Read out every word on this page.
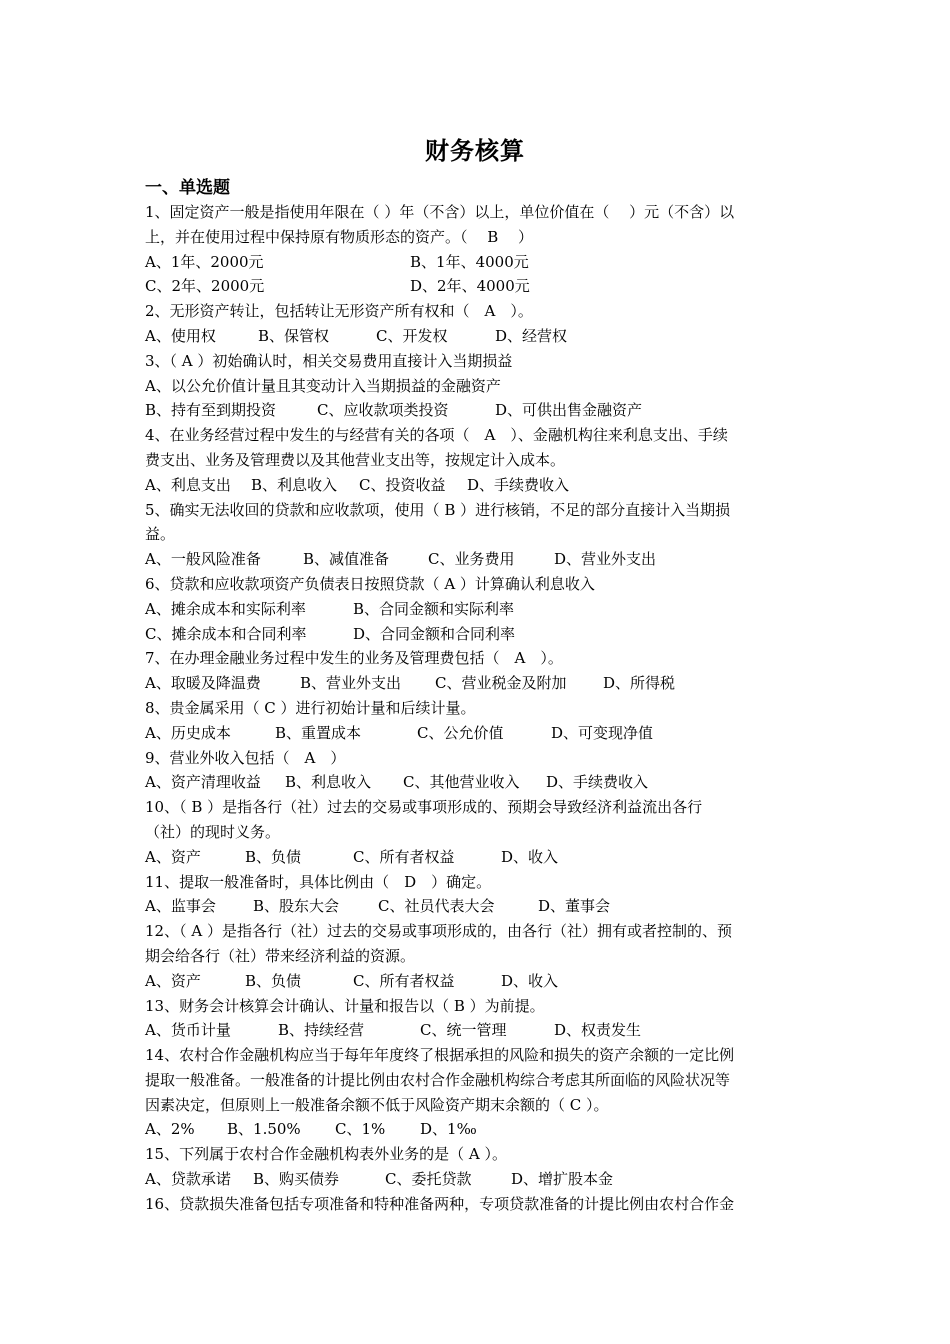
财务核算
一、单选题
1、固定资产一般是指使用年限在（ ）年（不含）以上，单位价值在（　 ）元（不含）以
上，并在使用过程中保持原有物质形态的资产。（　 B　 ）
A、1年、2000元	B、1年、4000元
C、2年、2000元	D、2年、4000元
2、无形资产转让，包括转让无形资产所有权和（　A　）。
A、使用权	B、保管权	C、开发权	D、经营权
3、（ A ）初始确认时，相关交易费用直接计入当期损益
A、以公允价值计量且其变动计入当期损益的金融资产
B、持有至到期投资	C、应收款项类投资	D、可供出售金融资产
4、在业务经营过程中发生的与经营有关的各项（　A　）、金融机构往来利息支出、手续
费支出、业务及管理费以及其他营业支出等，按规定计入成本。
A、利息支出	B、利息收入	C、投资收益	D、手续费收入
5、确实无法收回的贷款和应收款项，使用（ B ）进行核销，不足的部分直接计入当期损
益。
A、一般风险准备	B、减值准备	C、业务费用	D、营业外支出
6、贷款和应收款项资产负债表日按照贷款（ A ）计算确认利息收入
A、摊余成本和实际利率	B、合同金额和实际利率
C、摊余成本和合同利率	D、合同金额和合同利率
7、在办理金融业务过程中发生的业务及管理费包括（　A　）。
A、取暖及降温费	B、营业外支出	C、营业税金及附加	D、所得税
8、贵金属采用（ C ）进行初始计量和后续计量。
A、历史成本	B、重置成本	C、公允价值	D、可变现净值
9、营业外收入包括（　A　）
A、资产清理收益	B、利息收入	C、其他营业收入	D、手续费收入
10、（ B ）是指各行（社）过去的交易或事项形成的、预期会导致经济利益流出各行
（社）的现时义务。
A、资产	B、负债	C、所有者权益	D、收入
11、提取一般准备时，具体比例由（　D　）确定。
A、监事会	B、股东大会	C、社员代表大会	D、董事会
12、（ A ）是指各行（社）过去的交易或事项形成的，由各行（社）拥有或者控制的、预
期会给各行（社）带来经济利益的资源。
A、资产	B、负债	C、所有者权益	D、收入
13、财务会计核算会计确认、计量和报告以（ B ）为前提。
A、货币计量	B、持续经营	C、统一管理	D、权责发生
14、农村合作金融机构应当于每年年度终了根据承担的风险和损失的资产余额的一定比例
提取一般准备。一般准备的计提比例由农村合作金融机构综合考虑其所面临的风险状况等
因素决定，但原则上一般准备余额不低于风险资产期末余额的（ C ）。
A、2%	B、1.50%	C、1%	D、1‰
15、下列属于农村合作金融机构表外业务的是（ A ）。
A、贷款承诺	B、购买债券	C、委托贷款	D、增扩股本金
16、贷款损失准备包括专项准备和特种准备两种，专项贷款准备的计提比例由农村合作金
